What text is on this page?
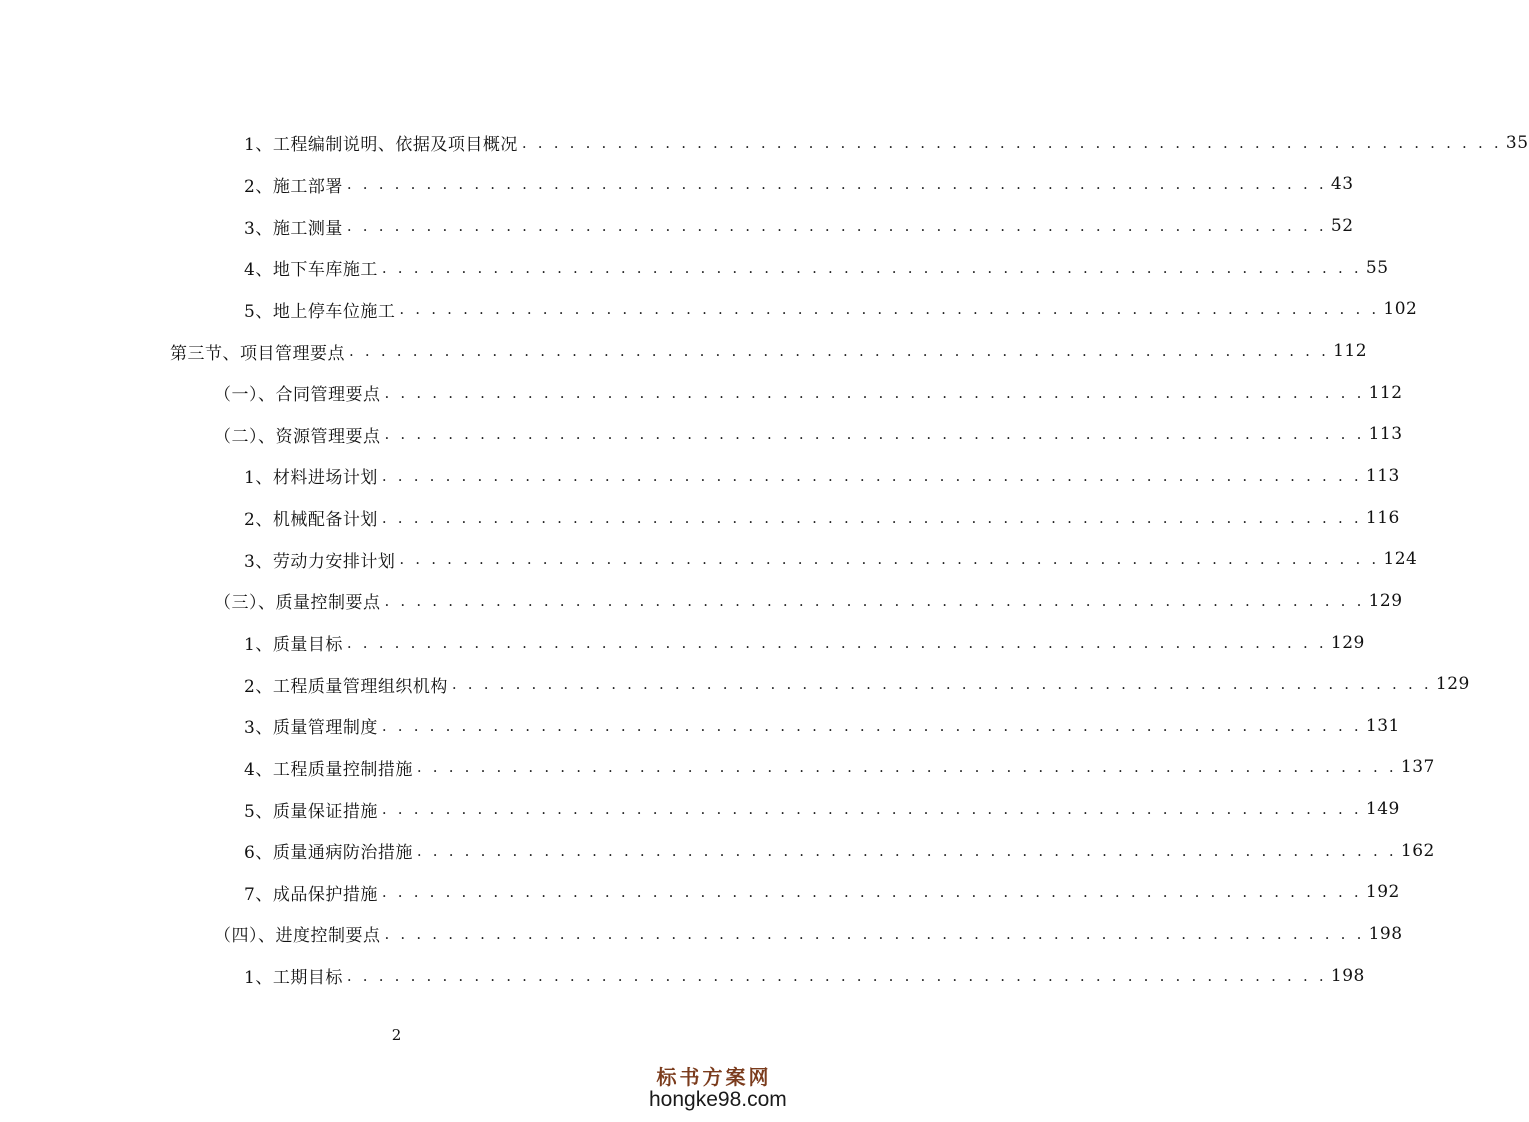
1、工程编制说明、依据及项目概况 . . . . . . . . . . . . . . . . . . . . . . . . . . . . . . . . . . . . . . . . . . . . . . . . . . . . . . . . . . . . . . 35
2、施工部署 . . . . . . . . . . . . . . . . . . . . . . . . . . . . . . . . . . . . . . . . . . . . . . . . . . . . . . . . . . . . . . 43
3、施工测量 . . . . . . . . . . . . . . . . . . . . . . . . . . . . . . . . . . . . . . . . . . . . . . . . . . . . . . . . . . . . . . 52
4、地下车库施工 . . . . . . . . . . . . . . . . . . . . . . . . . . . . . . . . . . . . . . . . . . . . . . . . . . . . . . . . . . . . . . 55
5、地上停车位施工 . . . . . . . . . . . . . . . . . . . . . . . . . . . . . . . . . . . . . . . . . . . . . . . . . . . . . . . . . . . . . . 102
第三节、项目管理要点 . . . . . . . . . . . . . . . . . . . . . . . . . . . . . . . . . . . . . . . . . . . . . . . . . . . . . . . . . . . . . . 112
（一）、合同管理要点 . . . . . . . . . . . . . . . . . . . . . . . . . . . . . . . . . . . . . . . . . . . . . . . . . . . . . . . . . . . . . . 112
（二）、资源管理要点 . . . . . . . . . . . . . . . . . . . . . . . . . . . . . . . . . . . . . . . . . . . . . . . . . . . . . . . . . . . . . . 113
1、材料进场计划 . . . . . . . . . . . . . . . . . . . . . . . . . . . . . . . . . . . . . . . . . . . . . . . . . . . . . . . . . . . . . . 113
2、机械配备计划 . . . . . . . . . . . . . . . . . . . . . . . . . . . . . . . . . . . . . . . . . . . . . . . . . . . . . . . . . . . . . . 116
3、劳动力安排计划 . . . . . . . . . . . . . . . . . . . . . . . . . . . . . . . . . . . . . . . . . . . . . . . . . . . . . . . . . . . . . . 124
（三）、质量控制要点 . . . . . . . . . . . . . . . . . . . . . . . . . . . . . . . . . . . . . . . . . . . . . . . . . . . . . . . . . . . . . . 129
1、质量目标 . . . . . . . . . . . . . . . . . . . . . . . . . . . . . . . . . . . . . . . . . . . . . . . . . . . . . . . . . . . . . . 129
2、工程质量管理组织机构 . . . . . . . . . . . . . . . . . . . . . . . . . . . . . . . . . . . . . . . . . . . . . . . . . . . . . . . . . . . . . . 129
3、质量管理制度 . . . . . . . . . . . . . . . . . . . . . . . . . . . . . . . . . . . . . . . . . . . . . . . . . . . . . . . . . . . . . . 131
4、工程质量控制措施 . . . . . . . . . . . . . . . . . . . . . . . . . . . . . . . . . . . . . . . . . . . . . . . . . . . . . . . . . . . . . . 137
5、质量保证措施 . . . . . . . . . . . . . . . . . . . . . . . . . . . . . . . . . . . . . . . . . . . . . . . . . . . . . . . . . . . . . . 149
6、质量通病防治措施 . . . . . . . . . . . . . . . . . . . . . . . . . . . . . . . . . . . . . . . . . . . . . . . . . . . . . . . . . . . . . . 162
7、成品保护措施 . . . . . . . . . . . . . . . . . . . . . . . . . . . . . . . . . . . . . . . . . . . . . . . . . . . . . . . . . . . . . . 192
（四）、进度控制要点 . . . . . . . . . . . . . . . . . . . . . . . . . . . . . . . . . . . . . . . . . . . . . . . . . . . . . . . . . . . . . . 198
1、工期目标 . . . . . . . . . . . . . . . . . . . . . . . . . . . . . . . . . . . . . . . . . . . . . . . . . . . . . . . . . . . . . . 198
2
标书方案网
hongke98.com
